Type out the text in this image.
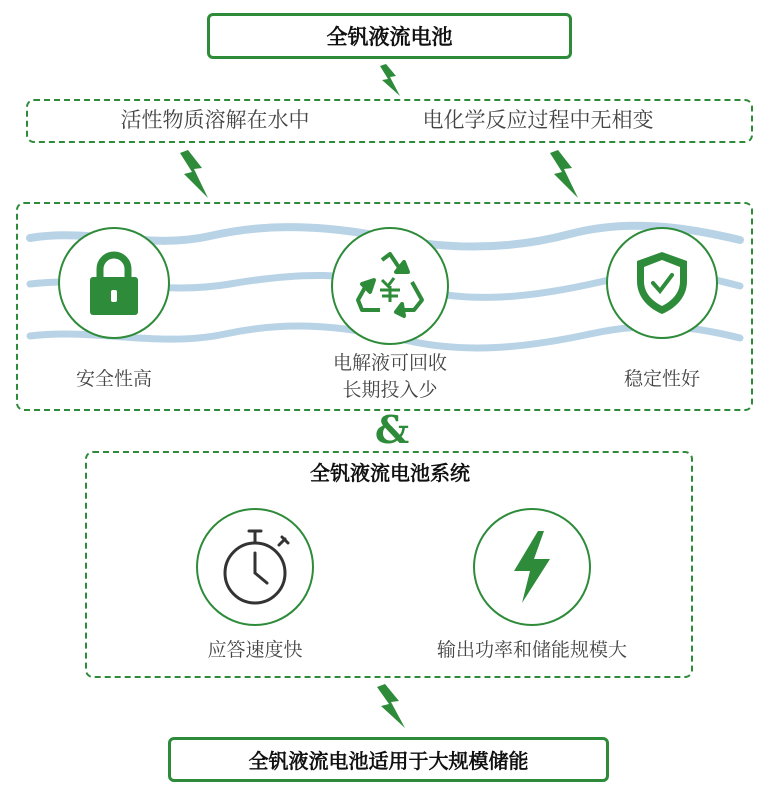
全钒液流电池
活性物质溶解在水中	电化学反应过程中无相变
安全性高
电解液可回收
长期投入少	稳定性好
&
全钒液流电池系统
应答速度快	输出功率和储能规模大
全钒液流电池适用于大规模储能
